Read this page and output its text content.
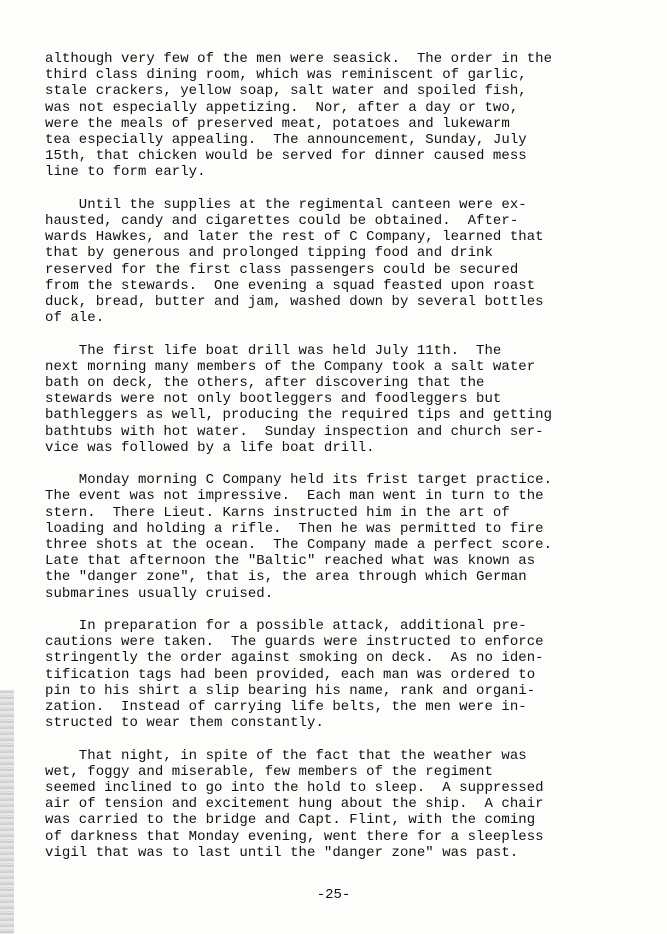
although very few of the men were seasick.  The order in the
third class dining room, which was reminiscent of garlic,
stale crackers, yellow soap, salt water and spoiled fish,
was not especially appetizing.  Nor, after a day or two,
were the meals of preserved meat, potatoes and lukewarm
tea especially appealing.  The announcement, Sunday, July
15th, that chicken would be served for dinner caused mess
line to form early.
Until the supplies at the regimental canteen were ex-
hausted, candy and cigarettes could be obtained.  After-
wards Hawkes, and later the rest of C Company, learned that
that by generous and prolonged tipping food and drink
reserved for the first class passengers could be secured
from the stewards.  One evening a squad feasted upon roast
duck, bread, butter and jam, washed down by several bottles
of ale.
The first life boat drill was held July 11th.  The
next morning many members of the Company took a salt water
bath on deck, the others, after discovering that the
stewards were not only bootleggers and foodleggers but
bathleggers as well, producing the required tips and getting
bathtubs with hot water.  Sunday inspection and church ser-
vice was followed by a life boat drill.
Monday morning C Company held its frist target practice.
The event was not impressive.  Each man went in turn to the
stern.  There Lieut. Karns instructed him in the art of
loading and holding a rifle.  Then he was permitted to fire
three shots at the ocean.  The Company made a perfect score.
Late that afternoon the "Baltic" reached what was known as
the "danger zone", that is, the area through which German
submarines usually cruised.
In preparation for a possible attack, additional pre-
cautions were taken.  The guards were instructed to enforce
stringently the order against smoking on deck.  As no iden-
tification tags had been provided, each man was ordered to
pin to his shirt a slip bearing his name, rank and organi-
zation.  Instead of carrying life belts, the men were in-
structed to wear them constantly.
That night, in spite of the fact that the weather was
wet, foggy and miserable, few members of the regiment
seemed inclined to go into the hold to sleep.  A suppressed
air of tension and excitement hung about the ship.  A chair
was carried to the bridge and Capt. Flint, with the coming
of darkness that Monday evening, went there for a sleepless
vigil that was to last until the "danger zone" was past.
-25-
